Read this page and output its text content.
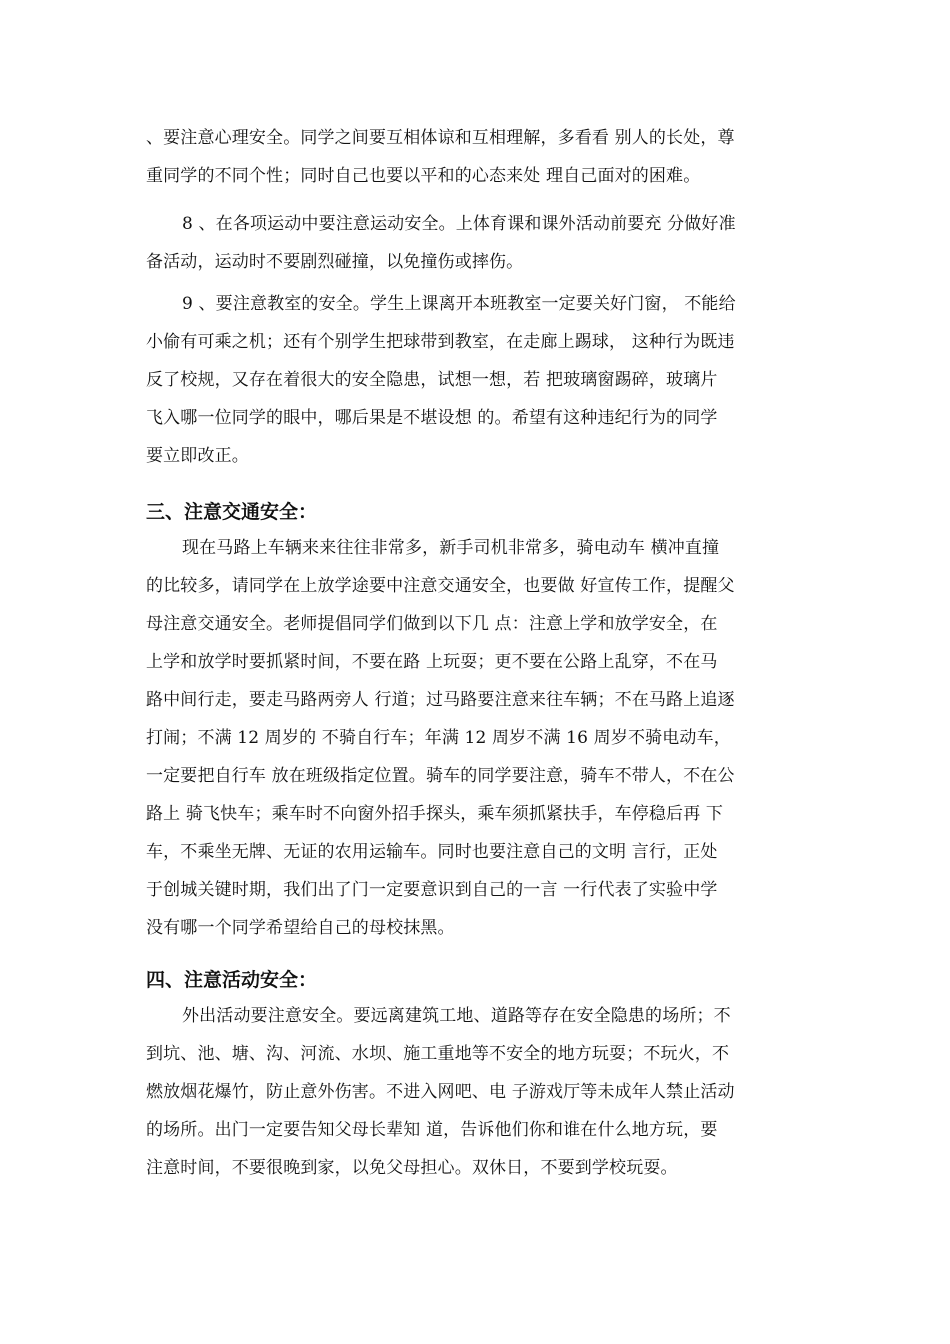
、要注意心理安全。同学之间要互相体谅和互相理解，多看看 别人的长处，尊
重同学的不同个性；同时自己也要以平和的心态来处 理自己面对的困难。
8 、在各项运动中要注意运动安全。上体育课和课外活动前要充 分做好准
备活动，运动时不要剧烈碰撞，以免撞伤或摔伤。
9 、要注意教室的安全。学生上课离开本班教室一定要关好门窗， 不能给
小偷有可乘之机；还有个别学生把球带到教室，在走廊上踢球， 这种行为既违
反了校规，又存在着很大的安全隐患，试想一想，若 把玻璃窗踢碎，玻璃片
飞入哪一位同学的眼中，哪后果是不堪设想 的。希望有这种违纪行为的同学
要立即改正。
三、注意交通安全：
现在马路上车辆来来往往非常多，新手司机非常多，骑电动车 横冲直撞
的比较多，请同学在上放学途要中注意交通安全，也要做 好宣传工作，提醒父
母注意交通安全。老师提倡同学们做到以下几 点：注意上学和放学安全，在
上学和放学时要抓紧时间，不要在路 上玩耍；更不要在公路上乱穿，不在马
路中间行走，要走马路两旁人 行道；过马路要注意来往车辆；不在马路上追逐
打闹；不满 12 周岁的 不骑自行车；年满 12 周岁不满 16 周岁不骑电动车，
一定要把自行车 放在班级指定位置。骑车的同学要注意，骑车不带人，不在公
路上 骑飞快车；乘车时不向窗外招手探头，乘车须抓紧扶手，车停稳后再 下
车，不乘坐无牌、无证的农用运输车。同时也要注意自己的文明 言行，正处
于创城关键时期，我们出了门一定要意识到自己的一言 一行代表了实验中学
没有哪一个同学希望给自己的母校抹黑。
四、注意活动安全：
外出活动要注意安全。要远离建筑工地、道路等存在安全隐患的场所；不
到坑、池、塘、沟、河流、水坝、施工重地等不安全的地方玩耍；不玩火，不
燃放烟花爆竹，防止意外伤害。不进入网吧、电 子游戏厅等未成年人禁止活动
的场所。出门一定要告知父母长辈知 道，告诉他们你和谁在什么地方玩，要
注意时间，不要很晚到家，以免父母担心。双休日，不要到学校玩耍。
